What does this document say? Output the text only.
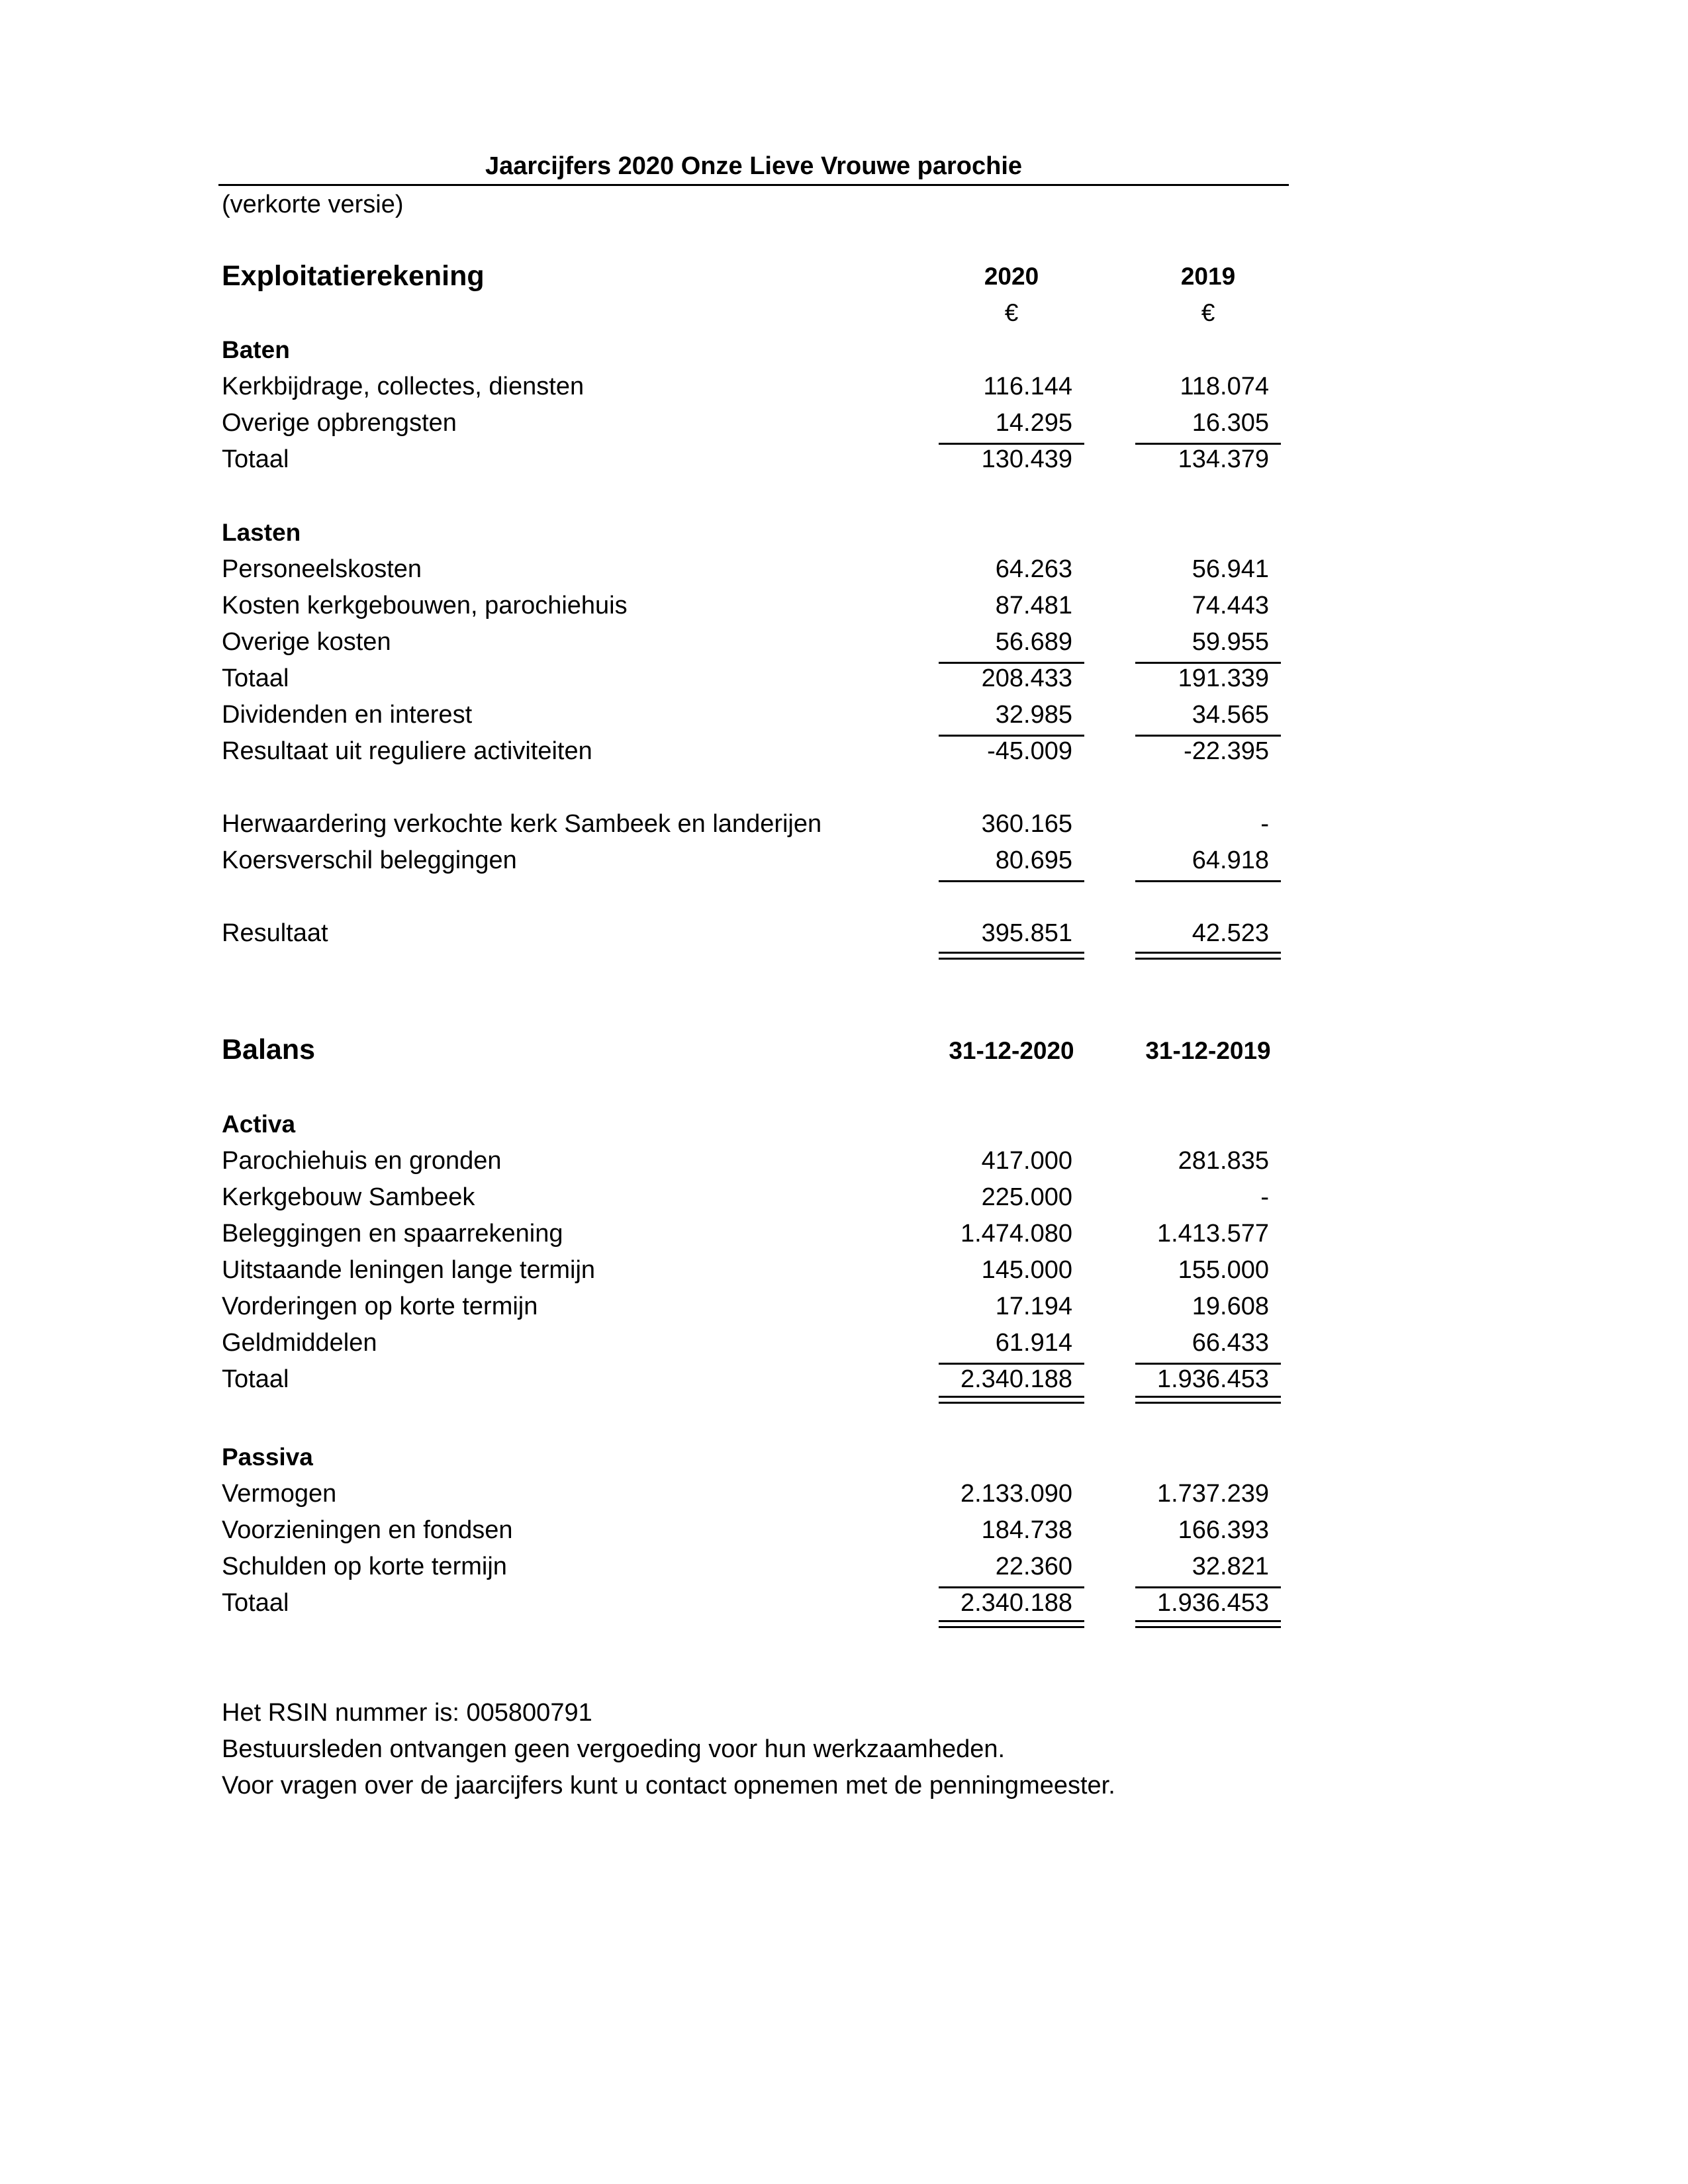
Jaarcijfers 2020 Onze Lieve Vrouwe parochie
(verkorte versie)
Exploitatierekening	2020	2019
€	€
Baten
Kerkbijdrage, collectes, diensten	116.144	118.074
Overige opbrengsten	14.295	16.305
Totaal	130.439	134.379
Lasten
Personeelskosten	64.263	56.941
Kosten kerkgebouwen, parochiehuis	87.481	74.443
Overige kosten	56.689	59.955
Totaal	208.433	191.339
Dividenden en interest	32.985	34.565
Resultaat uit reguliere activiteiten	-45.009	-22.395
Herwaardering verkochte kerk Sambeek en landerijen	360.165	-
Koersverschil beleggingen	80.695	64.918
Resultaat	395.851	42.523
Balans	31-12-2020	31-12-2019
Activa
Parochiehuis en gronden	417.000	281.835
Kerkgebouw Sambeek	225.000	-
Beleggingen en spaarrekening	1.474.080	1.413.577
Uitstaande leningen lange termijn	145.000	155.000
Vorderingen op korte termijn	17.194	19.608
Geldmiddelen	61.914	66.433
Totaal	2.340.188	1.936.453
Passiva
Vermogen	2.133.090	1.737.239
Voorzieningen en fondsen	184.738	166.393
Schulden op korte termijn	22.360	32.821
Totaal	2.340.188	1.936.453
Het RSIN nummer is: 005800791
Bestuursleden ontvangen geen vergoeding voor hun werkzaamheden.
Voor vragen over de jaarcijfers kunt u contact opnemen met de penningmeester.
